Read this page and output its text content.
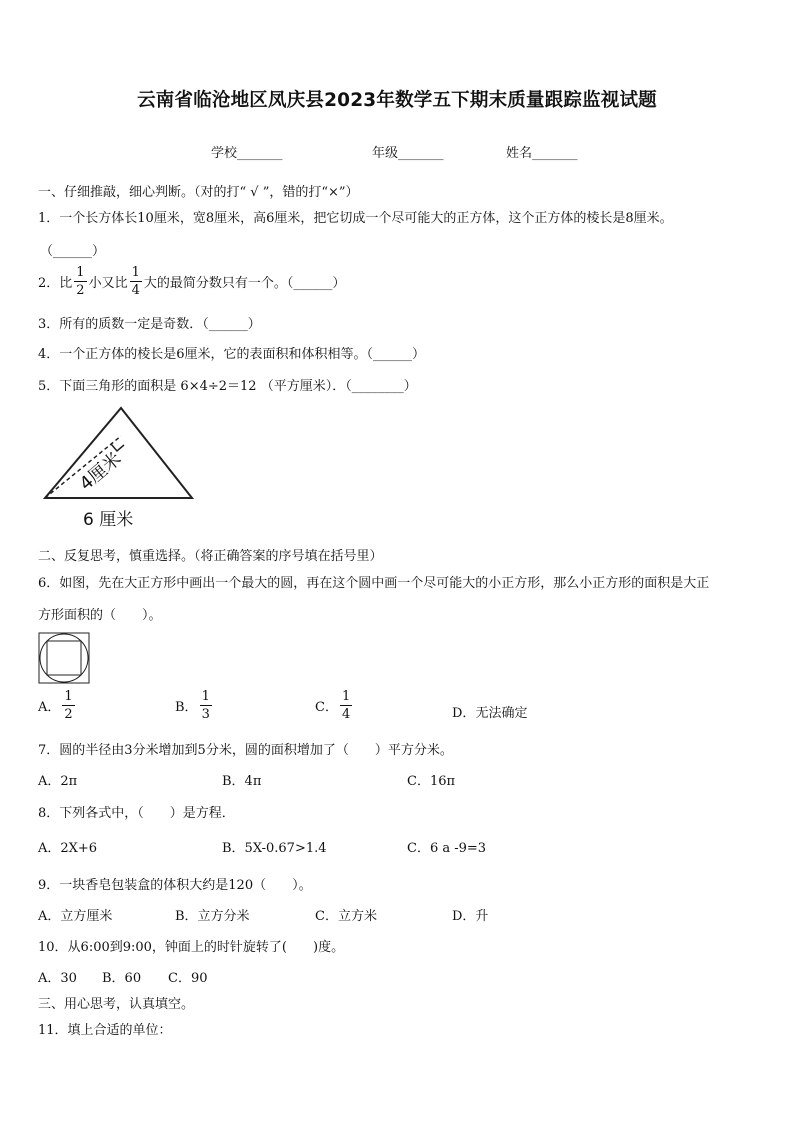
云南省临沧地区凤庆县2023年数学五下期末质量跟踪监视试题
学校_______	年级_______	姓名_______
一、仔细推敲，细心判断。（对的打“ √ ”，错的打“×”）
1．一个长方体长10厘米，宽8厘米，高6厘米，把它切成一个尽可能大的正方体，这个正方体的棱长是8厘米。
（______）
2．比 $\frac{1}{2}$ 小又比 $\frac{1}{4}$ 大的最简分数只有一个。（______）
3．所有的质数一定是奇数．（______）
4．一个正方体的棱长是6厘米，它的表面积和体积相等。（______）
5．下面三角形的面积是 6×4÷2＝12 （平方厘米）．（________）
4厘米
6 厘米
二、反复思考，慎重选择。（将正确答案的序号填在括号里）
6．如图，先在大正方形中画出一个最大的圆，再在这个圆中画一个尽可能大的小正方形，那么小正方形的面积是大正
方形面积的（　　）。
A． $\frac{1}{2}$	B． $\frac{1}{3}$	C． $\frac{1}{4}$	D．无法确定
7．圆的半径由3分米增加到5分米，圆的面积增加了（　　）平方分米。
A．2π	B．4π	C．16π
8．下列各式中，（　　）是方程．
A．2X+6	B．5X-0.67>1.4	C．6 a -9=3
9．一块香皂包装盒的体积大约是120（　　）。
A．立方厘米	B．立方分米	C．立方米	D．升
10．从6:00到9:00，钟面上的时针旋转了(　　)度。
A．30 B．60 C．90
三、用心思考，认真填空。
11．填上合适的单位：
